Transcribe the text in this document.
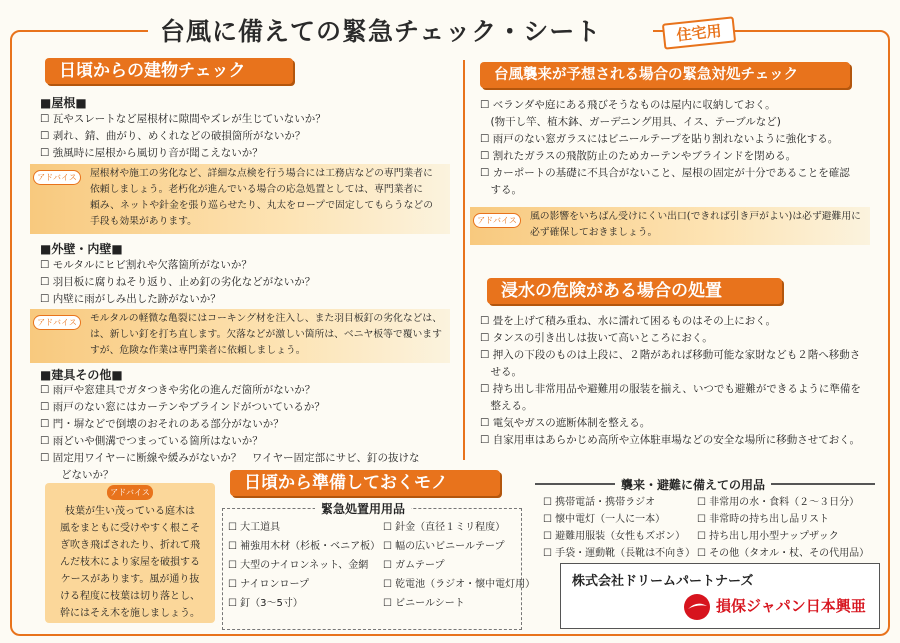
台風に備えての緊急チェック・シート	住宅用
日頃からの建物チェック
■屋根■
☐ 瓦やスレートなど屋根材に隙間やズレが生じていないか？
☐ 剥れ、錆、曲がり、めくれなどの破損箇所がないか？
☐ 強風時に屋根から風切り音が聞こえないか？
アドバイス	屋根材や施工の劣化など、詳細な点検を行う場合には工務店などの専門業者に
依頼しましょう。老朽化が進んでいる場合の応急処置としては、専門業者に
頼み、ネットや針金を張り巡らせたり、丸太をロープで固定してもらうなどの
手段も効果があります。
■外壁・内壁■
☐ モルタルにヒビ割れや欠落箇所がないか？
☐ 羽目板に腐りねそり返り、止め釘の劣化などがないか？
☐ 内壁に雨がしみ出した跡がないか？
アドバイス	モルタルの軽微な亀裂にはコーキング材を注入し、また羽目板釘の劣化などは、
は、新しい釘を打ち直します。欠落などが激しい箇所は、ベニヤ板等で覆います
すが、危険な作業は専門業者に依頼しましょう。
■建具その他■
☐ 雨戸や窓建具でガタつきや劣化の進んだ箇所がないか？
☐ 雨戸のない窓にはカーテンやブラインドがついているか？
☐ 門・塀などで倒壊のおそれのある部分がないか？
☐ 雨どいや側溝でつまっている箇所はないか？
☐ 固定用ワイヤーに断線や緩みがないか？　ワイヤー固定部にサビ、釘の抜けな
　　どないか？
アドバイス
枝葉が生い茂っている庭木は
風をまともに受けやすく根こそ
ぎ吹き飛ばされたり、折れて飛
んだ枝木により家屋を破損する
ケースがあります。風が通り抜
ける程度に枝葉は切り落とし、
幹にはそえ木を施しましょう。
日頃から準備しておくモノ
緊急処置用用品
☐ 大工道具
☐ 補強用木材（杉板・ベニア板）
☐ 大型のナイロンネット、金網
☐ ナイロンロープ
☐ 釘（3～5寸）
☐ 針金（直径１ミリ程度）
☐ 幅の広いビニールテープ
☐ ガムテープ
☐ 乾電池（ラジオ・懐中電灯用）
☐ ビニールシート
台風襲来が予想される場合の緊急対処チェック
☐ ベランダや庭にある飛びそうなものは屋内に収納しておく。
　(物干し竿、植木鉢、ガーデニング用具、イス、テーブルなど)
☐ 雨戸のない窓ガラスにはビニールテープを貼り割れないように強化する。
☐ 割れたガラスの飛散防止のためカーテンやブラインドを閉める。
☐ カーポートの基礎に不具合がないこと、屋根の固定が十分であることを確認
　する。
アドバイス	風の影響をいちばん受けにくい出口(できれば引き戸がよい)は必ず避難用に
必ず確保しておきましょう。
浸水の危険がある場合の処置
☐ 畳を上げて積み重ね、水に濡れて困るものはその上におく。
☐ タンスの引き出しは抜いて高いところにおく。
☐ 押入の下段のものは上段に、２階があれば移動可能な家財なども２階へ移動さ
　せる。
☐ 持ち出し非常用品や避難用の服装を揃え、いつでも避難ができるように準備を
　整える。
☐ 電気やガスの遮断体制を整える。
☐ 自家用車はあらかじめ高所や立体駐車場などの安全な場所に移動させておく。
襲来・避難に備えての用品
☐ 携帯電話・携帯ラジオ
☐ 懐中電灯（一人に一本）
☐ 避難用服装（女性もズボン）
☐ 手袋・運動靴（長靴は不向き）
☐ 非常用の水・食料（２～３日分）
☐ 非常時の持ち出し品リスト
☐ 持ち出し用小型ナップザック
☐ その他（タオル・杖、その代用品）
株式会社ドリームパートナーズ
損保ジャパン日本興亜
